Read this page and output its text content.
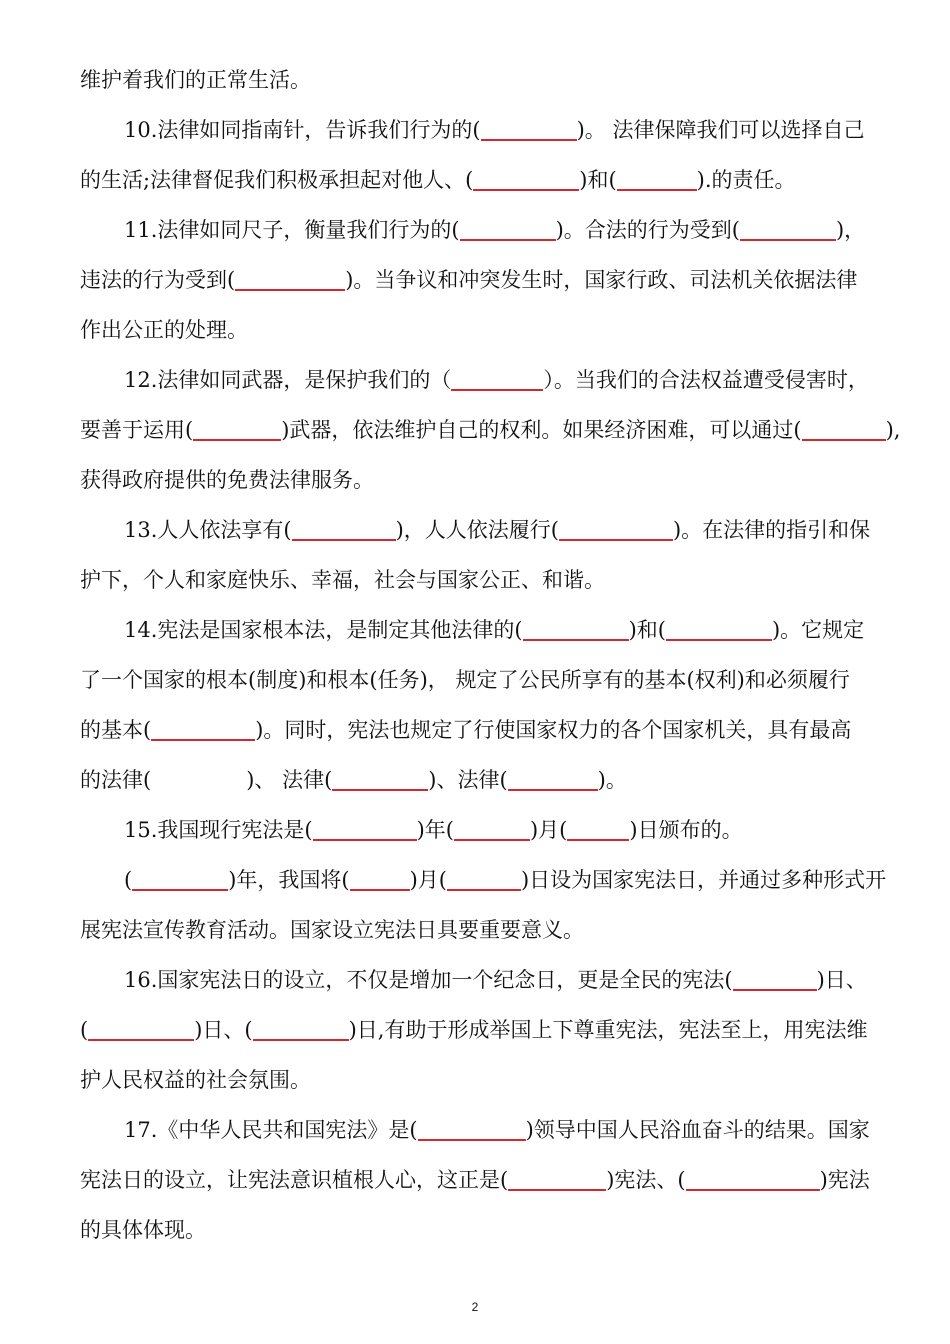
维护着我们的正常生活。
10.法律如同指南针，告诉我们行为的(	)。 法律保障我们可以选择自己
的生活;法律督促我们积极承担起对他人、(	)和(	).的责任。
11.法律如同尺子，衡量我们行为的(	)。合法的行为受到(	)，
违法的行为受到(	)。当争议和冲突发生时，国家行政、司法机关依据法律
作出公正的处理。
12.法律如同武器，是保护我们的（	）。当我们的合法权益遭受侵害时，
要善于运用(	)武器，依法维护自己的权利。如果经济困难，可以通过(	),
获得政府提供的免费法律服务。
13.人人依法享有(	)，人人依法履行(	)。在法律的指引和保
护下，个人和家庭快乐、幸福，社会与国家公正、和谐。
14.宪法是国家根本法，是制定其他法律的(	)和(	)。它规定
了一个国家的根本(制度)和根本(任务)， 规定了公民所享有的基本(权利)和必须履行
的基本(	)。同时，宪法也规定了行使国家权力的各个国家机关，具有最高
的法律(	)、 法律(	)、法律(	)。
15.我国现行宪法是(	)年(	)月(	)日颁布的。
(	)年，我国将(	)月(	)日设为国家宪法日，并通过多种形式开
展宪法宣传教育活动。国家设立宪法日具要重要意义。
16.国家宪法日的设立，不仅是增加一个纪念日，更是全民的宪法(	)日、
(	)日、(	)日,有助于形成举国上下尊重宪法，宪法至上，用宪法维
护人民权益的社会氛围。
17.《中华人民共和国宪法》是(	)领导中国人民浴血奋斗的结果。国家
宪法日的设立，让宪法意识植根人心，这正是(	)宪法、(	)宪法
的具体体现。
2
